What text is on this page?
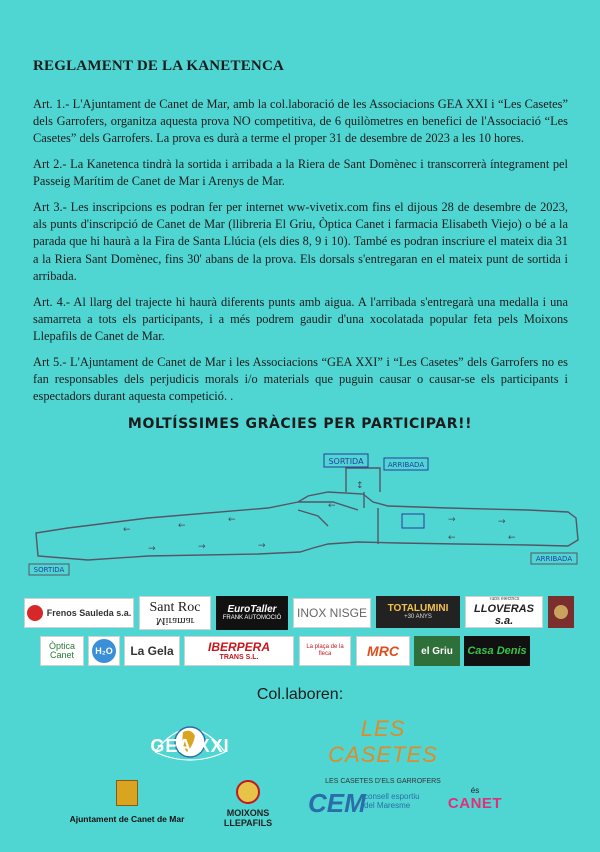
REGLAMENT DE LA KANETENCA
Art. 1.- L'Ajuntament de Canet de Mar, amb la col.laboració de les Associacions GEA XXI i “Les Casetes” dels Garrofers, organitza aquesta prova NO competitiva, de 6 quilòmetres en benefici de l'Associació “Les Casetes” dels Garrofers. La prova es durà a terme el proper 31 de desembre de 2023 a les 10 hores.
Art 2.- La Kanetenca tindrà la sortida i arribada a la Riera de Sant Domènec i transcorrerà íntegrament pel Passeig Marítim de Canet de Mar i Arenys de Mar.
Art 3.- Les inscripcions es podran fer per internet ww-vivetix.com fins el dijous 28 de desembre de 2023, als punts d'inscripció de Canet de Mar (llibreria El Griu, Òptica Canet i farmacia Elisabeth Viejo) o bé a la parada que hi haurà a la Fira de Santa Llúcia (els dies 8, 9 i 10). També es podran inscriure el mateix dia 31 a la Riera Sant Domènec, fins 30' abans de la prova. Els dorsals s'entregaran en el mateix punt de sortida i arribada.
Art. 4.- Al llarg del trajecte hi haurà diferents punts amb aigua. A l'arribada s'entregarà una medalla i una samarreta a tots els participants, i a més podrem gaudir d'una xocolatada popular feta pels Moixons Llepafils de Canet de Mar.
Art 5.- L'Ajuntament de Canet de Mar i les Associacions “GEA XXI” i “Les Casetes” dels Garrofers no es fan responsables dels perjudicis morals i/o materials que puguin causar o causar-se els participants i espectadors durant aquesta competició. .
MOLTÍSSIMES GRÀCIES PER PARTICIPAR!!
←	←
←
→	→	→
→	→
←	←
↕
←
SORTIDA	ARRIBADA
SORTIDA
ARRIBADA
Frenos Sauleda s.a. Sant Roc
Miramar
EuroTaller
FRANK AUTOMOCIÓ INOX NISGE TOTALUMINI
+30 ANYS
Tubs elèctrics
LLOVERAS s.a.
Òptica Canet	H₂O La Gela	IBERPERA
TRANS S.L.
La plaça de la fleca	MRC el Griu Casa Denis
Col.laboren:
GEA XXI
LES CASETES
LES CASETES D'ELS GARROFERS
Ajuntament de Canet de Mar
MOIXONS LLEPAFILS
CEM
consell esportiu del Maresme
és
CANET
